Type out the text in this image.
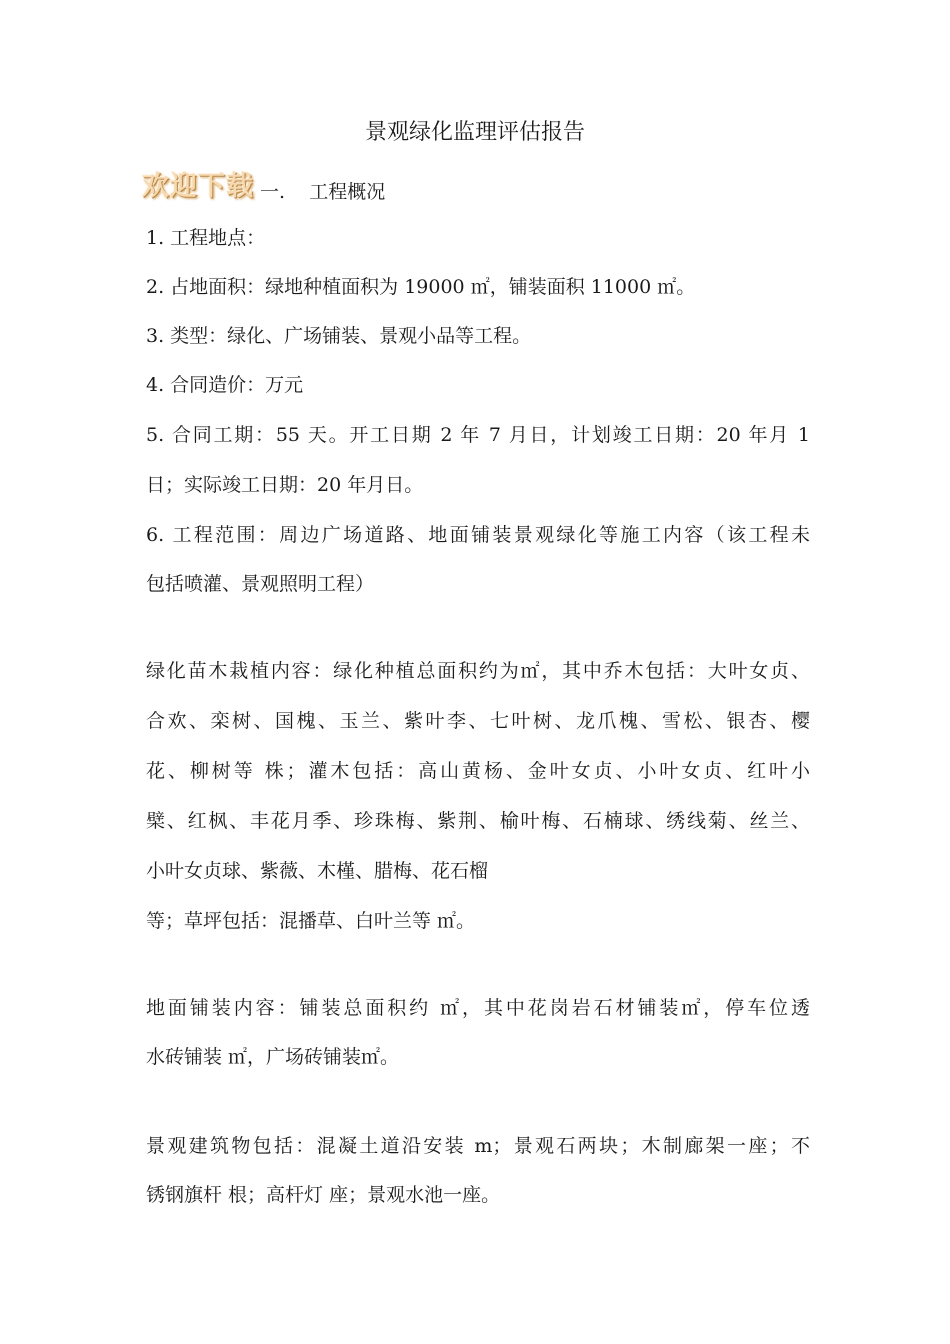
景观绿化监理评估报告
欢迎下载 一.    工程概况
1. 工程地点：
2. 占地面积：绿地种植面积为 19000 ㎡，铺装面积 11000 ㎡。
3. 类型：绿化、广场铺装、景观小品等工程。
4. 合同造价：万元
5. 合同工期：55 天。开工日期 2 年 7 月日，计划竣工日期：20 年月 1
日；实际竣工日期：20 年月日。
6. 工程范围：周边广场道路、地面铺装景观绿化等施工内容（该工程未
包括喷灌、景观照明工程）
绿化苗木栽植内容：绿化种植总面积约为㎡，其中乔木包括：大叶女贞、
合欢、栾树、国槐、玉兰、紫叶李、七叶树、龙爪槐、雪松、银杏、樱
花、柳树等 株；灌木包括：高山黄杨、金叶女贞、小叶女贞、红叶小
檗、红枫、丰花月季、珍珠梅、紫荆、榆叶梅、石楠球、绣线菊、丝兰、
小叶女贞球、紫薇、木槿、腊梅、花石榴
等；草坪包括：混播草、白叶兰等 ㎡。
地面铺装内容：铺装总面积约 ㎡，其中花岗岩石材铺装㎡，停车位透
水砖铺装 ㎡，广场砖铺装㎡。
景观建筑物包括：混凝土道沿安装 m；景观石两块；木制廊架一座；不
锈钢旗杆 根；高杆灯 座；景观水池一座。
